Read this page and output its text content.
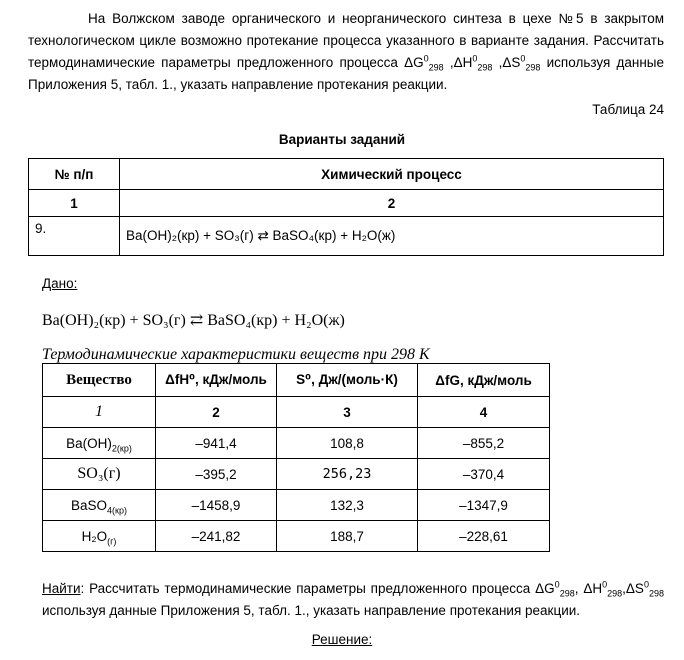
На Волжском заводе органического и неорганического синтеза в цехе №5 в закрытом технологическом цикле возможно протекание процесса указанного в варианте задания. Рассчитать термодинамические параметры предложенного процесса $\Delta G^0_{298}$ $,\Delta H^0_{298}$ $,\Delta S^0_{298}$ используя данные Приложения 5, табл. 1., указать направление протекания реакции.
Таблица 24
Варианты заданий
№ п/п	Химический процесс
1	2
9.	Ba(OH)₂(кр) + SO₃(г) ⇄ BaSO₄(кр) + H₂O(ж)
Дано:
Ba(OH)₂(кр) + SO₃(г) ⇄ BaSO₄(кр) + H₂O(ж)
Термодинамические характеристики веществ при 298 К
Вещество	ΔfH⁰, кДж/моль	S⁰, Дж/(моль·К)	ΔfG, кДж/моль
1	2	3	4
$Ba(OH)_{2(кр)}$	–941,4	108,8	–855,2
SO₃(г)	–395,2	256,23	–370,4
BaSO$_{4(кр)}$	–1458,9	132,3	–1347,9
$H_2O_{(г)}$	–241,82	188,7	–228,61
Найти: Рассчитать термодинамические параметры предложенного процесса $\Delta G^0_{298}$, $\Delta H^0_{298},\Delta S^0_{298}$ используя данные Приложения 5, табл. 1., указать направление протекания реакции.
Решение:
